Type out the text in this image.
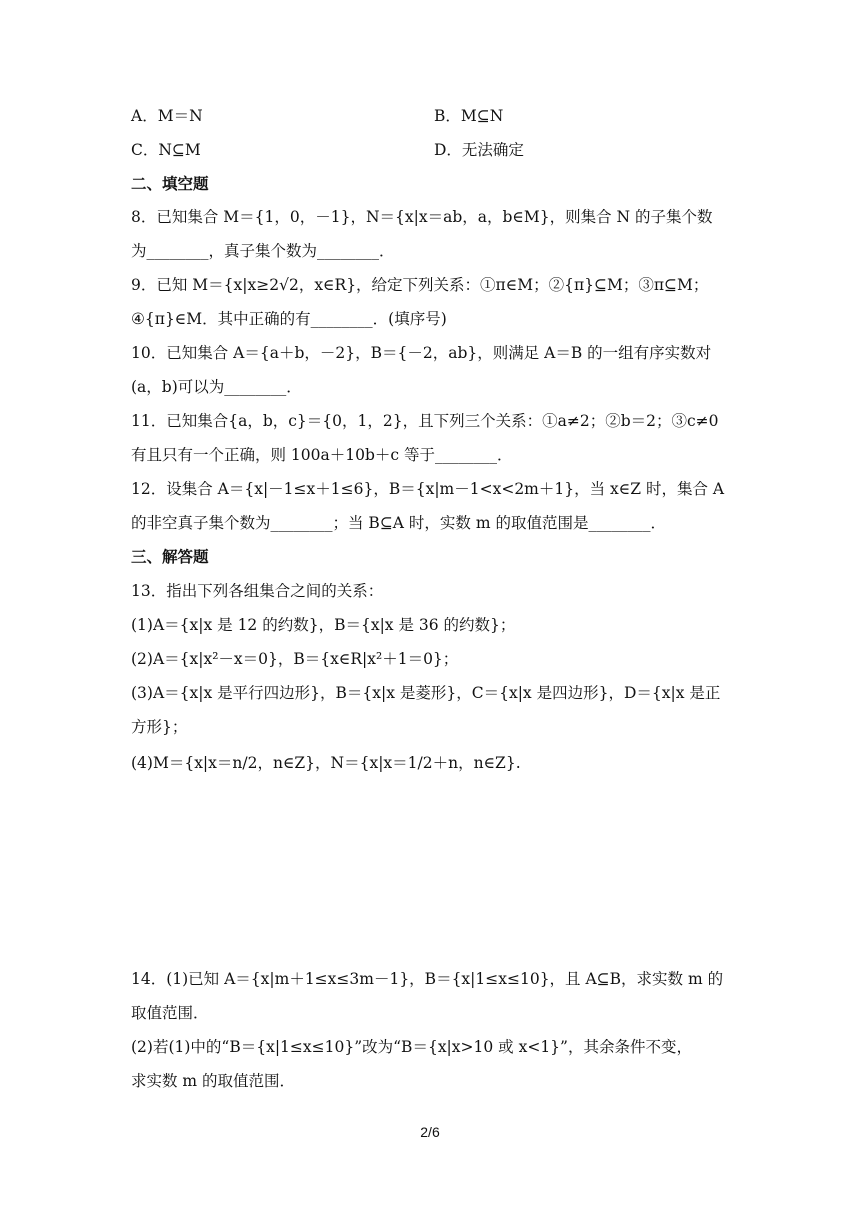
A．M＝N	B．M⊆N
C．N⊆M	D．无法确定
二、填空题
8．已知集合 M＝{1，0，－1}，N＝{x|x＝ab，a，b∈M}，则集合 N 的子集个数
为________，真子集个数为________．
9．已知 M＝{x|x≥2√2，x∈R}，给定下列关系：①π∈M；②{π}⊆M；③π⊆M；
④{π}∈M．其中正确的有________．(填序号)
10．已知集合 A＝{a＋b，－2}，B＝{－2，ab}，则满足 A＝B 的一组有序实数对
(a，b)可以为________．
11．已知集合{a，b，c}＝{0，1，2}，且下列三个关系：①a≠2；②b＝2；③c≠0
有且只有一个正确，则 100a＋10b＋c 等于________．
12．设集合 A＝{x|－1≤x＋1≤6}，B＝{x|m－1<x<2m＋1}，当 x∈Z 时，集合 A
的非空真子集个数为________；当 B⊆A 时，实数 m 的取值范围是________．
三、解答题
13．指出下列各组集合之间的关系：
(1)A＝{x|x 是 12 的约数}，B＝{x|x 是 36 的约数}；
(2)A＝{x|x²－x＝0}，B＝{x∈R|x²＋1＝0}；
(3)A＝{x|x 是平行四边形}，B＝{x|x 是菱形}，C＝{x|x 是四边形}，D＝{x|x 是正
方形}；
(4)M＝{x|x＝n/2，n∈Z}，N＝{x|x＝1/2＋n，n∈Z}.
14．(1)已知 A＝{x|m＋1≤x≤3m－1}，B＝{x|1≤x≤10}，且 A⊆B，求实数 m 的
取值范围．
(2)若(1)中的“B＝{x|1≤x≤10}”改为“B＝{x|x>10 或 x<1}”，其余条件不变，
求实数 m 的取值范围．
2/6
